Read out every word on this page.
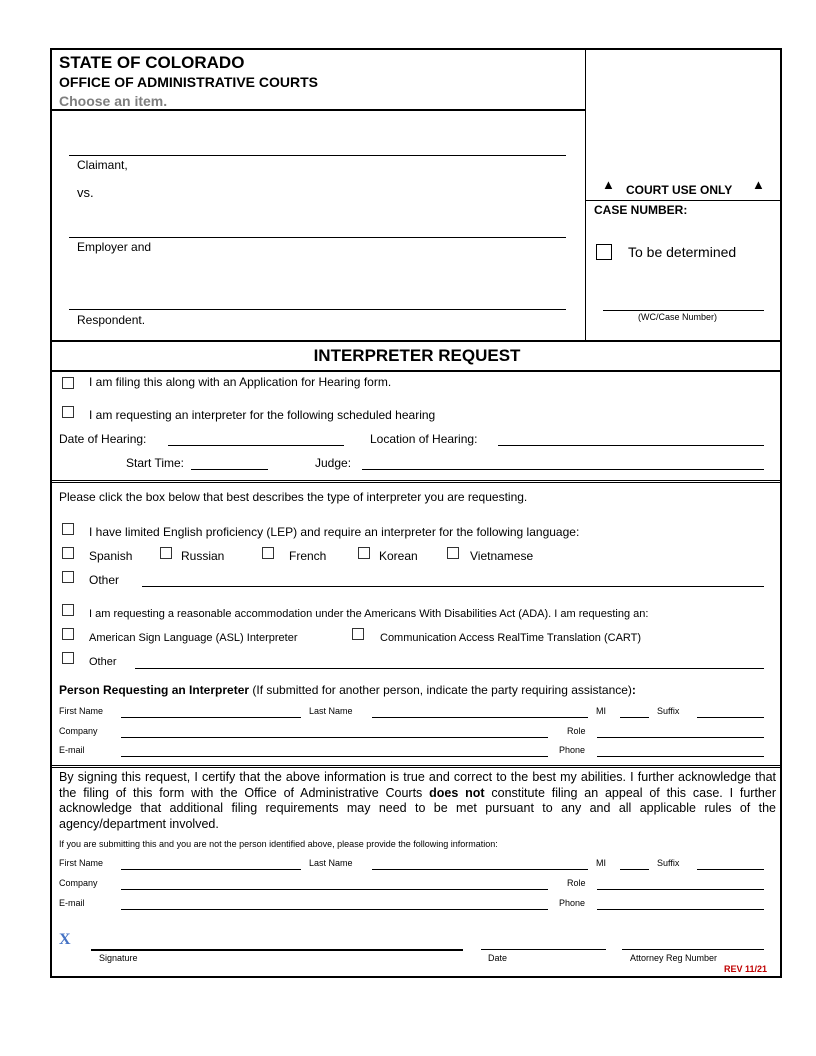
STATE OF COLORADO
OFFICE OF ADMINISTRATIVE COURTS
Choose an item.
Claimant,
vs.
Employer and
Respondent.
▲ COURT USE ONLY ▲
CASE NUMBER:
To be determined
(WC/Case Number)
INTERPRETER REQUEST
I am filing this along with an Application for Hearing form.
I am requesting an interpreter for the following scheduled hearing
Date of Hearing:	Location of Hearing:
Start Time:	Judge:
Please click the box below that best describes the type of interpreter you are requesting.
I have limited English proficiency (LEP) and require an interpreter for the following language:
Spanish	Russian	French	Korean	Vietnamese
Other
I am requesting a reasonable accommodation under the Americans With Disabilities Act (ADA). I am requesting an:
American Sign Language (ASL) Interpreter	Communication Access RealTime Translation (CART)
Other
Person Requesting an Interpreter (If submitted for another person, indicate the party requiring assistance):
First Name	Last Name	MI	Suffix
Company	Role
E-mail	Phone
By signing this request, I certify that the above information is true and correct to the best my abilities. I further acknowledge that the filing of this form with the Office of Administrative Courts does not constitute filing an appeal of this case. I further acknowledge that additional filing requirements may need to be met pursuant to any and all applicable rules of the agency/department involved.
If you are submitting this and you are not the person identified above, please provide the following information:
First Name	Last Name	MI	Suffix
Company	Role
E-mail	Phone
X
Signature	Date	Attorney Reg Number
REV 11/21
